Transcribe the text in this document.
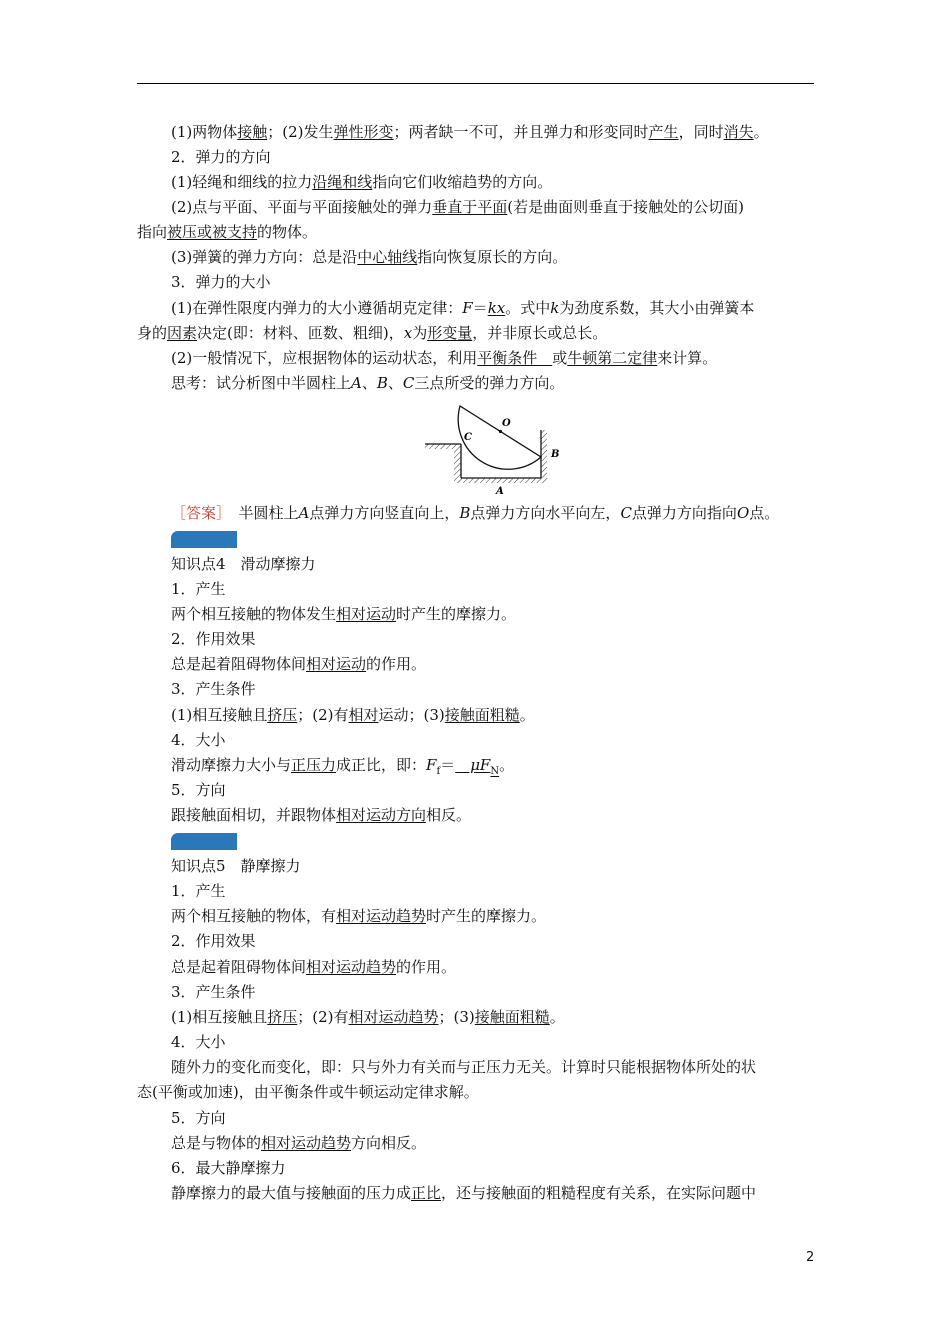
(1)两物体接触；(2)发生弹性形变；两者缺一不可，并且弹力和形变同时产生，同时消失。
2．弹力的方向
(1)轻绳和细线的拉力沿绳和线指向它们收缩趋势的方向。
(2)点与平面、平面与平面接触处的弹力垂直于平面(若是曲面则垂直于接触处的公切面)
指向被压或被支持的物体。
(3)弹簧的弹力方向：总是沿中心轴线指向恢复原长的方向。
3．弹力的大小
(1)在弹性限度内弹力的大小遵循胡克定律：F＝kx。式中k为劲度系数，其大小由弹簧本
身的因素决定(即：材料、匝数、粗细)，x为形变量，并非原长或总长。
(2)一般情况下，应根据物体的运动状态，利用平衡条件　或牛顿第二定律来计算。
思考：试分析图中半圆柱上A、B、C三点所受的弹力方向。
［答案］　半圆柱上A点弹力方向竖直向上，B点弹力方向水平向左，C点弹力方向指向O点。
知识点4　滑动摩擦力
1．产生
两个相互接触的物体发生相对运动时产生的摩擦力。
2．作用效果
总是起着阻碍物体间相对运动的作用。
3．产生条件
(1)相互接触且挤压；(2)有相对运动；(3)接触面粗糙。
4．大小
滑动摩擦力大小与正压力成正比，即：$F_f=$　$\mu F_N$。
5．方向
跟接触面相切，并跟物体相对运动方向相反。
知识点5　静摩擦力
1．产生
两个相互接触的物体，有相对运动趋势时产生的摩擦力。
2．作用效果
总是起着阻碍物体间相对运动趋势的作用。
3．产生条件
(1)相互接触且挤压；(2)有相对运动趋势；(3)接触面粗糙。
4．大小
随外力的变化而变化，即：只与外力有关而与正压力无关。计算时只能根据物体所处的状
态(平衡或加速)，由平衡条件或牛顿运动定律求解。
5．方向
总是与物体的相对运动趋势方向相反。
6．最大静摩擦力
静摩擦力的最大值与接触面的压力成正比，还与接触面的粗糙程度有关系，在实际问题中
O
C
B
A
2
